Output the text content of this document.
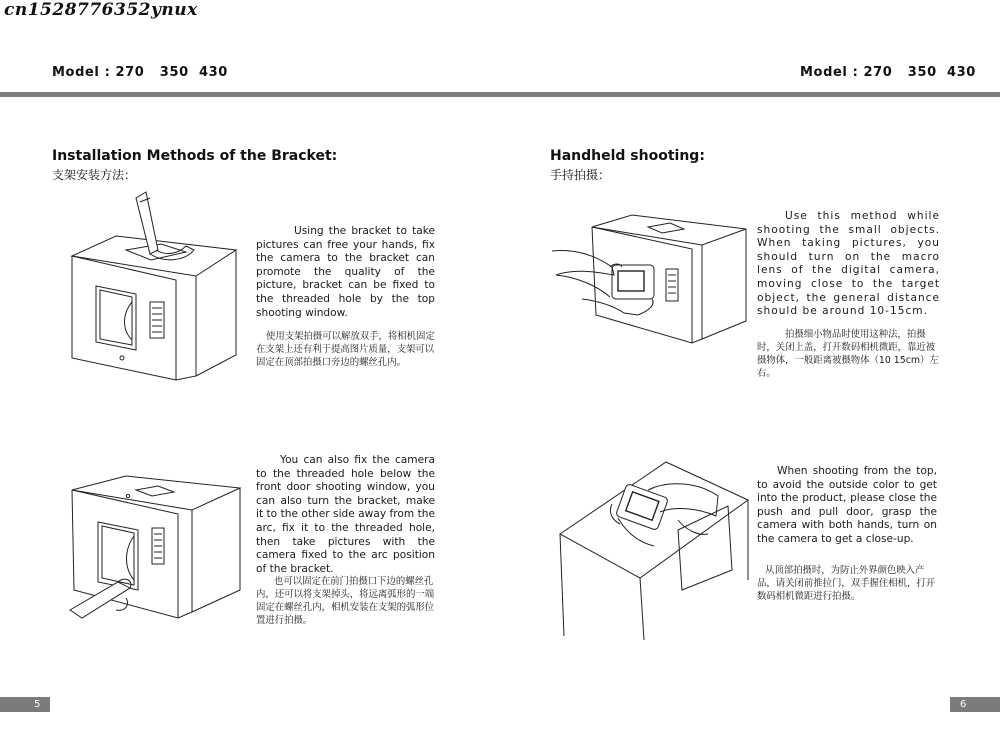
cn1528776352ynux
Model : 270   350  430	Model : 270   350  430
Installation Methods of the Bracket:
支架安装方法：
Using the bracket to take pictures can free your hands, fix the camera to the bracket can promote the quality of the picture, bracket can be fixed to the threaded hole by the top shooting window.
使用支架拍摄可以解放双手，将相机固定在支架上还有利于提高图片质量，支架可以固定在顶部拍摄口旁边的螺丝孔内。
You can also fix the camera to the threaded hole below the front door shooting window, you can also turn the bracket, make it to the other side away from the arc, fix it to the threaded hole, then take pictures with the camera fixed to the arc position of the bracket.
也可以固定在前门拍摄口下边的螺丝孔内，还可以将支架掉头，将远离弧形的一端固定在螺丝孔内，相机安装在支架的弧形位置进行拍摄。
Handheld shooting:
手持拍摄：
Use this method while shooting the small objects. When taking pictures, you should turn on the macro lens of the digital camera, moving close to the target object, the general distance should be around 10-15cm.
拍摄细小物品时使用这种法，拍摄时，关闭上盖，打开数码相机微距，靠近被摄物体，一般距离被摄物体（10 15cm）左右。
When shooting from the top, to avoid the outside color to get into the product, please close the push and pull door, grasp the camera with both hands, turn on the camera to get a close-up.
从顶部拍摄时，为防止外界颜色映入产品，请关闭前推拉门，双手握住相机，打开数码相机微距进行拍摄。
5	6
